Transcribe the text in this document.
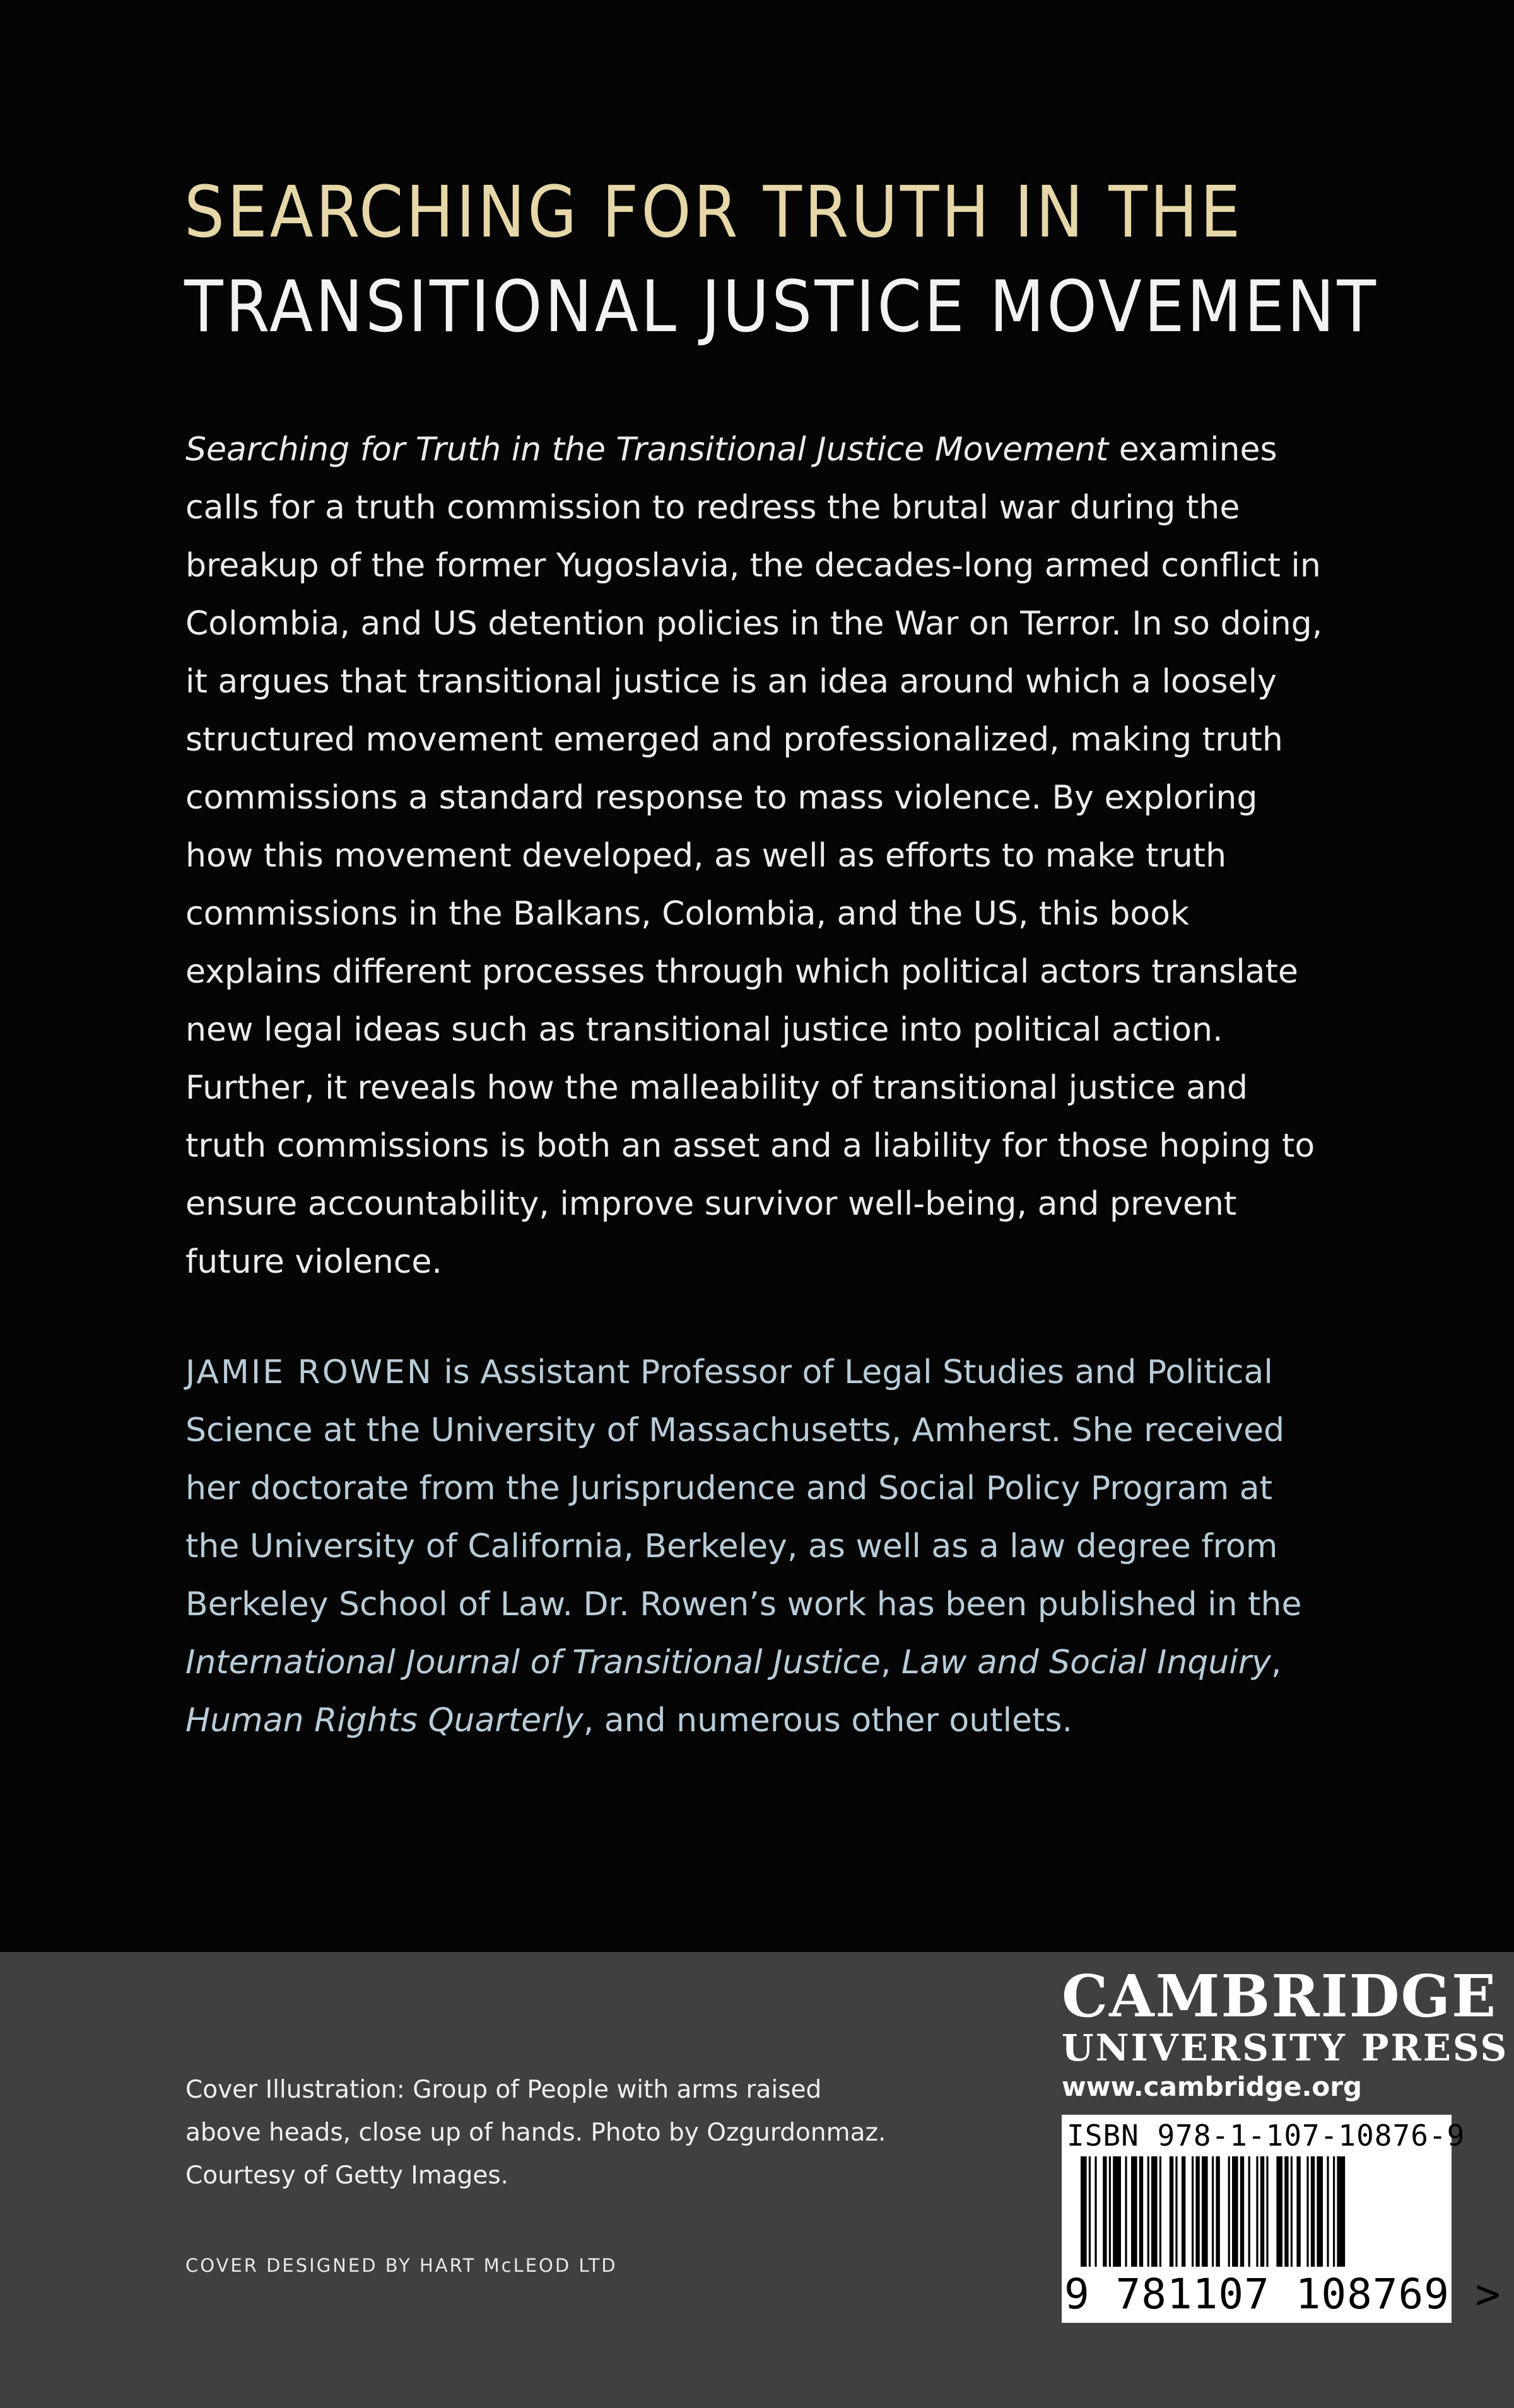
SEARCHING FOR TRUTH IN THE
TRANSITIONAL JUSTICE MOVEMENT

Searching for Truth in the Transitional Justice Movement examines calls for a truth commission to redress the brutal war during the breakup of the former Yugoslavia, the decades-long armed conflict in Colombia, and US detention policies in the War on Terror. In so doing, it argues that transitional justice is an idea around which a loosely structured movement emerged and professionalized, making truth commissions a standard response to mass violence. By exploring how this movement developed, as well as efforts to make truth commissions in the Balkans, Colombia, and the US, this book explains different processes through which political actors translate new legal ideas such as transitional justice into political action. Further, it reveals how the malleability of transitional justice and truth commissions is both an asset and a liability for those hoping to ensure accountability, improve survivor well-being, and prevent future violence.

JAMIE ROWEN is Assistant Professor of Legal Studies and Political Science at the University of Massachusetts, Amherst. She received her doctorate from the Jurisprudence and Social Policy Program at the University of California, Berkeley, as well as a law degree from Berkeley School of Law. Dr. Rowen’s work has been published in the International Journal of Transitional Justice, Law and Social Inquiry, Human Rights Quarterly, and numerous other outlets.

Cover Illustration: Group of People with arms raised
above heads, close up of hands. Photo by Ozgurdonmaz.
Courtesy of Getty Images.
COVER DESIGNED BY HART McLEOD LTD
CAMBRIDGE
UNIVERSITY PRESS
www.cambridge.org
ISBN 978-1-107-10876-9
9 781107 108769 >
